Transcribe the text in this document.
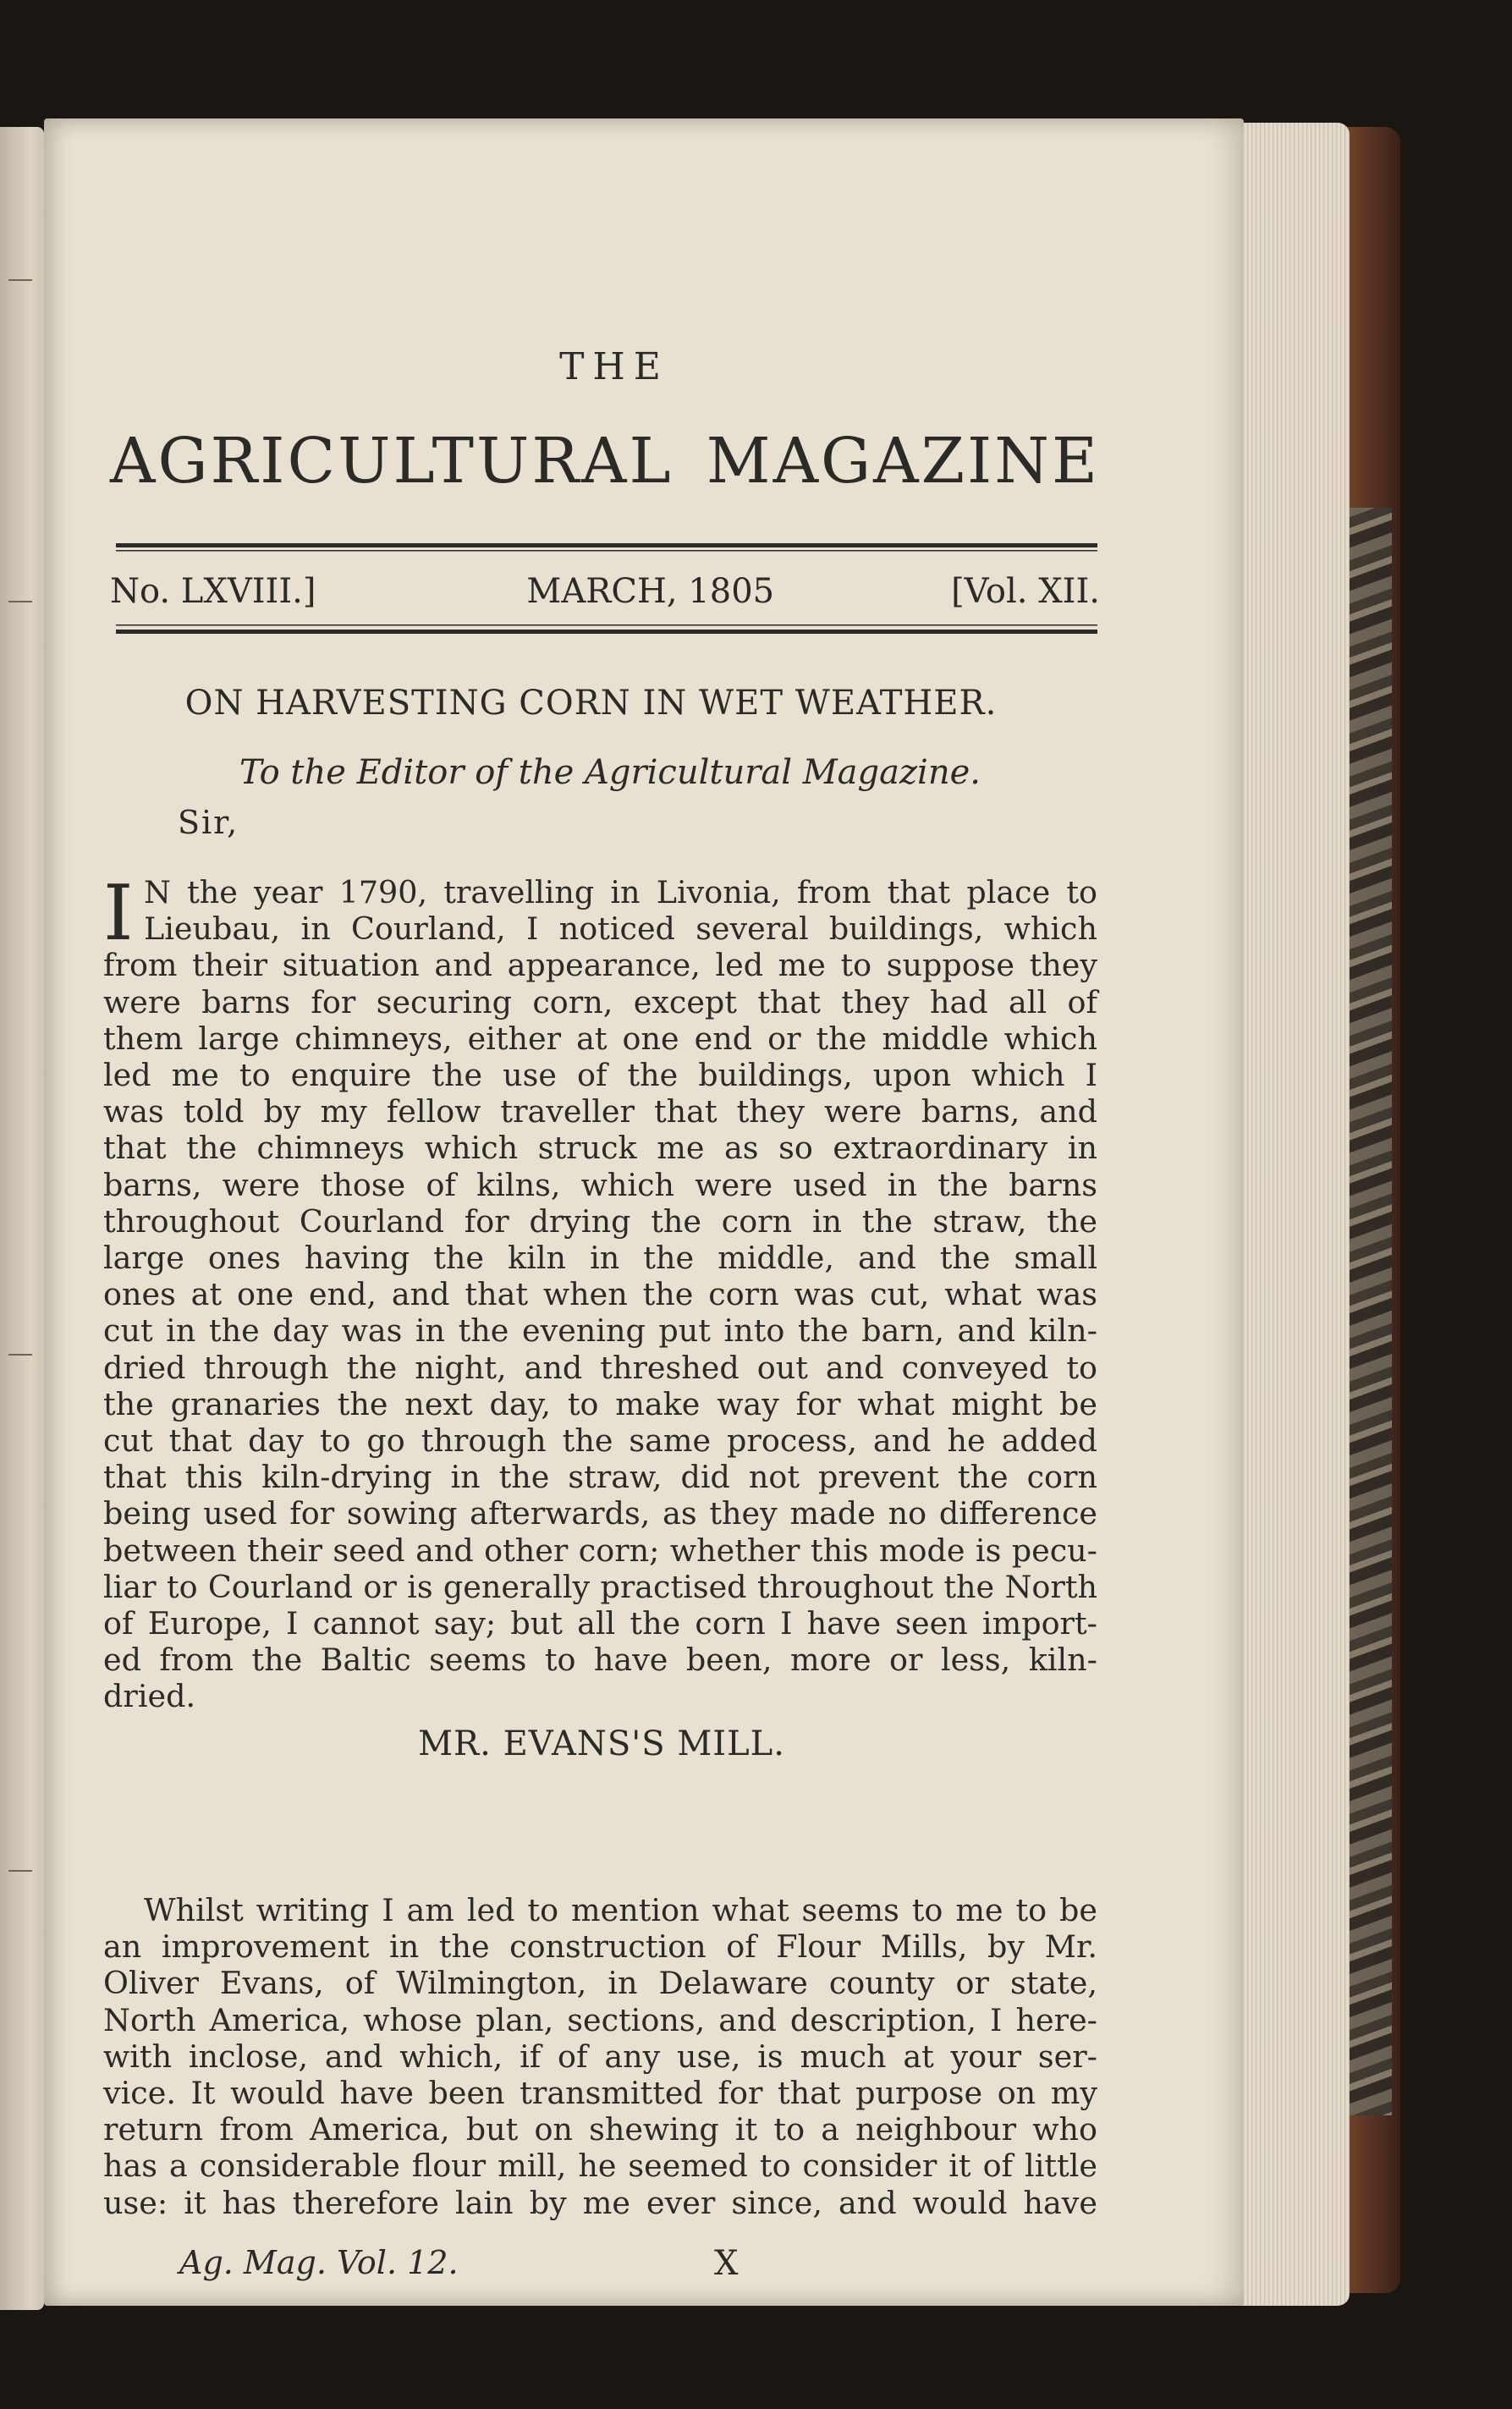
THE
AGRICULTURAL MAGAZINE
No. LXVIII.]	MARCH, 1805	[Vol. XII.
ON HARVESTING CORN IN WET WEATHER.
To the Editor of the Agricultural Magazine.
Sir,
I N the year 1790, travelling in Livonia, from that place to
Lieubau, in Courland, I noticed several buildings, which
from their situation and appearance, led me to suppose they
were barns for securing corn, except that they had all of
them large chimneys, either at one end or the middle which
led me to enquire the use of the buildings, upon which I
was told by my fellow traveller that they were barns, and
that the chimneys which struck me as so extraordinary in
barns, were those of kilns, which were used in the barns
throughout Courland for drying the corn in the straw, the
large ones having the kiln in the middle, and the small
ones at one end, and that when the corn was cut, what was
cut in the day was in the evening put into the barn, and kiln-
dried through the night, and threshed out and conveyed to
the granaries the next day, to make way for what might be
cut that day to go through the same process, and he added
that this kiln-drying in the straw, did not prevent the corn
being used for sowing afterwards, as they made no difference
between their seed and other corn; whether this mode is pecu-
liar to Courland or is generally practised throughout the North
of Europe, I cannot say; but all the corn I have seen import-
ed from the Baltic seems to have been, more or less, kiln-
dried.
MR. EVANS'S MILL.
Whilst writing I am led to mention what seems to me to be
an improvement in the construction of Flour Mills, by Mr.
Oliver Evans, of Wilmington, in Delaware county or state,
North America, whose plan, sections, and description, I here-
with inclose, and which, if of any use, is much at your ser-
vice. It would have been transmitted for that purpose on my
return from America, but on shewing it to a neighbour who
has a considerable flour mill, he seemed to consider it of little
use: it has therefore lain by me ever since, and would have
Ag. Mag. Vol. 12.	X
